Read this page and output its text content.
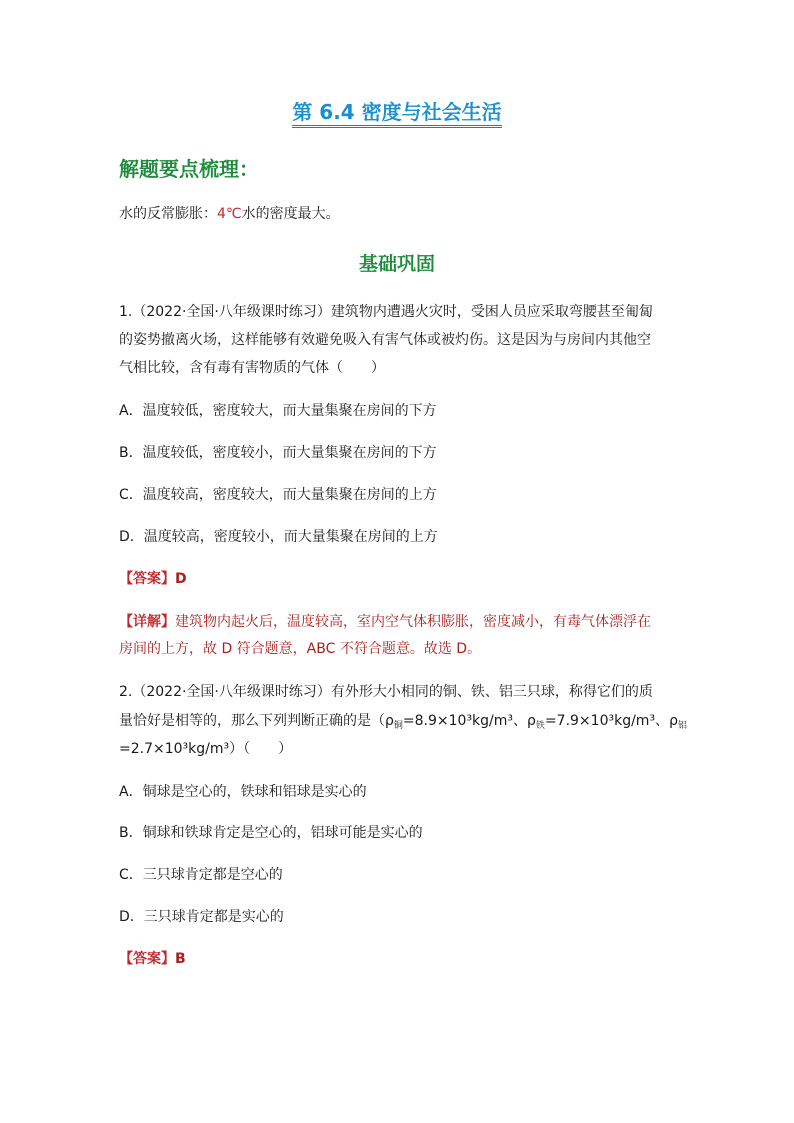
第 6.4 密度与社会生活
解题要点梳理：
水的反常膨胀：4℃水的密度最大。
基础巩固
1.（2022·全国·八年级课时练习）建筑物内遭遇火灾时，受困人员应采取弯腰甚至匍匐
的姿势撤离火场，这样能够有效避免吸入有害气体或被灼伤。这是因为与房间内其他空
气相比较，含有毒有害物质的气体（　　）
A．温度较低，密度较大，而大量集聚在房间的下方
B．温度较低，密度较小，而大量集聚在房间的下方
C．温度较高，密度较大，而大量集聚在房间的上方
D．温度较高，密度较小，而大量集聚在房间的上方
【答案】D
【详解】建筑物内起火后，温度较高，室内空气体积膨胀，密度减小，有毒气体漂浮在
房间的上方，故 D 符合题意，ABC 不符合题意。故选 D。
2.（2022·全国·八年级课时练习）有外形大小相同的铜、铁、铝三只球，称得它们的质
量恰好是相等的，那么下列判断正确的是（$\rho_铜=8.9\times 10^3kg/m^3$、$\rho_铁=7.9\times 10^3kg/m^3$、$\rho_铝$
=2.7×10³kg/m³）（　　）
A．铜球是空心的，铁球和铝球是实心的
B．铜球和铁球肯定是空心的，铝球可能是实心的
C．三只球肯定都是空心的
D．三只球肯定都是实心的
【答案】B
